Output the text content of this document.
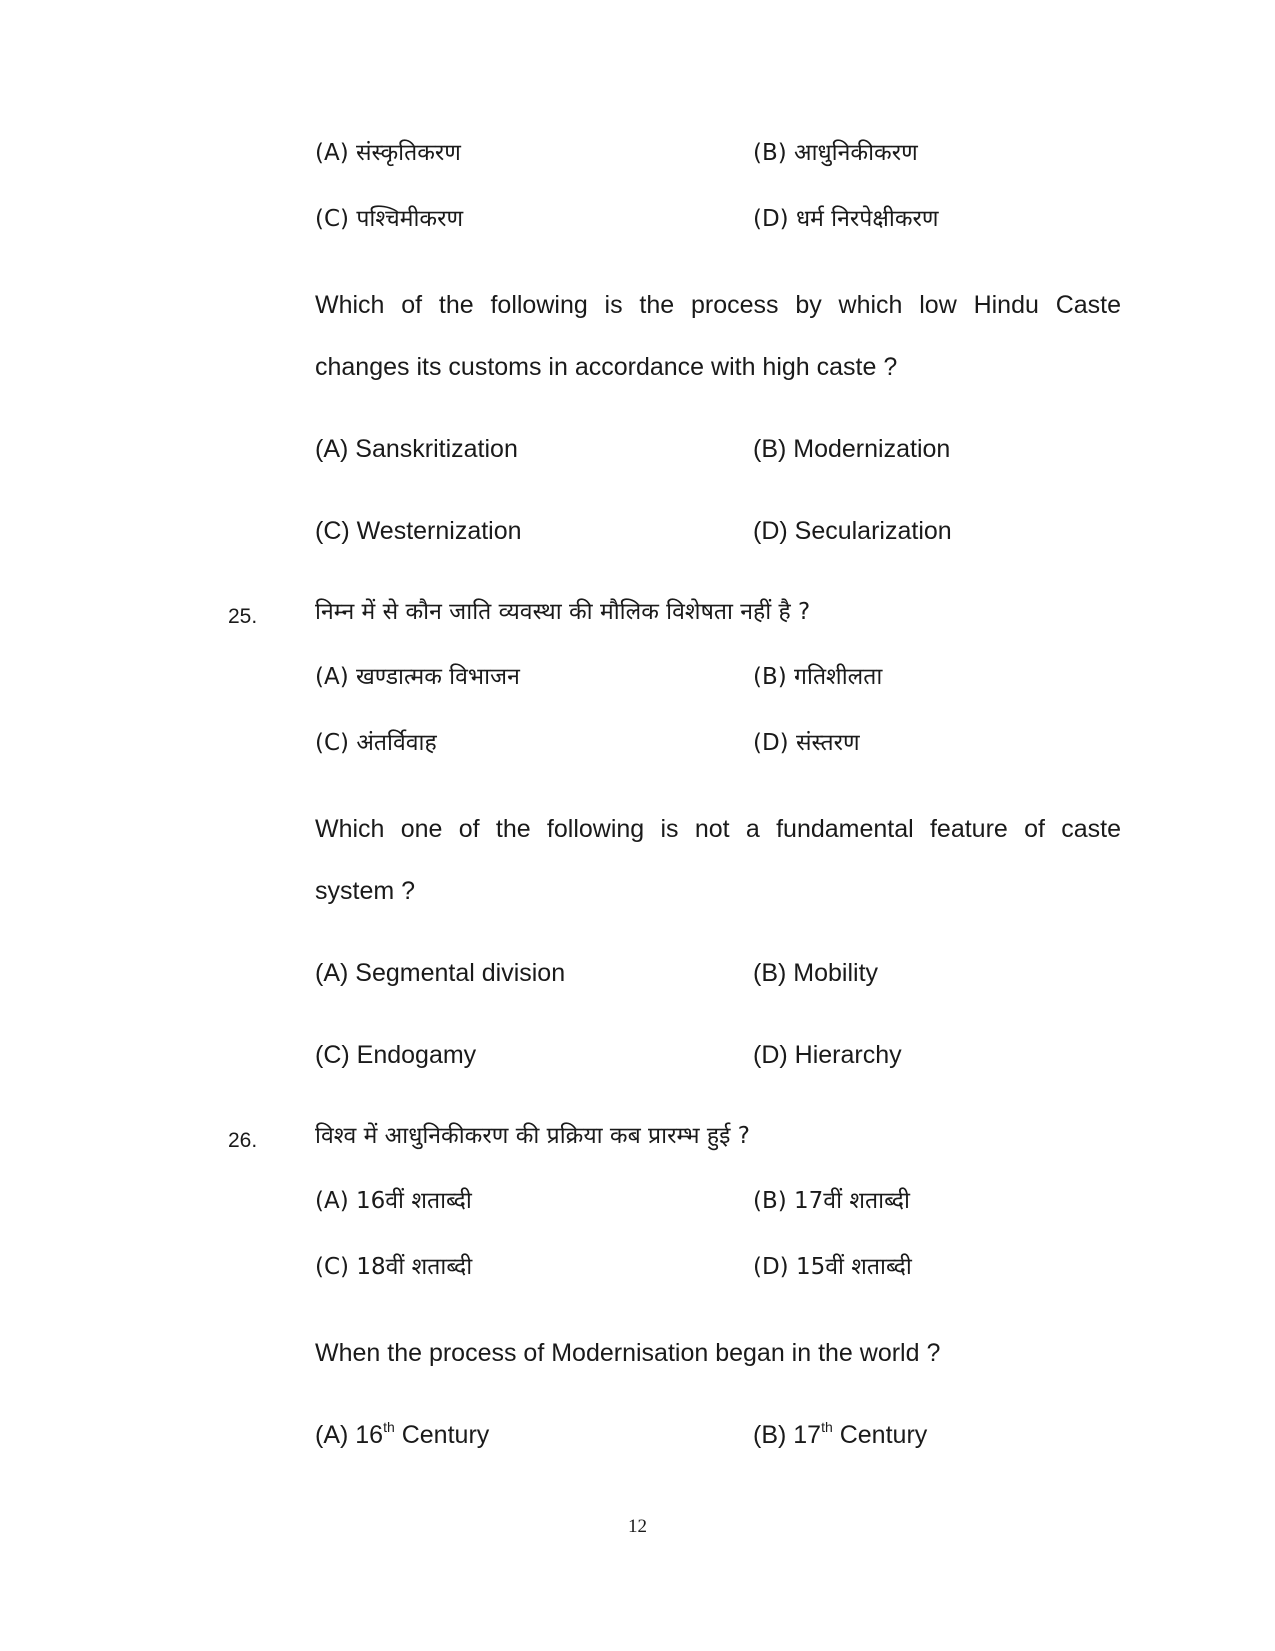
(A) संस्कृतिकरण	(B) आधुनिकीकरण
(C) पश्चिमीकरण	(D) धर्म निरपेक्षीकरण
Which of the following is the process by which low Hindu Caste
changes its customs in accordance with high caste ?
(A) Sanskritization	(B) Modernization
(C) Westernization	(D) Secularization
25.	निम्न में से कौन जाति व्यवस्था की मौलिक विशेषता नहीं है ?
(A) खण्डात्मक विभाजन	(B) गतिशीलता
(C) अंतर्विवाह	(D) संस्तरण
Which one of the following is not a fundamental feature of caste
system ?
(A) Segmental division	(B) Mobility
(C) Endogamy	(D) Hierarchy
26.	विश्व में आधुनिकीकरण की प्रक्रिया कब प्रारम्भ हुई ?
(A) 16वीं शताब्दी	(B) 17वीं शताब्दी
(C) 18वीं शताब्दी	(D) 15वीं शताब्दी
When the process of Modernisation began in the world ?
(A) 16th Century	(B) 17th Century
12
